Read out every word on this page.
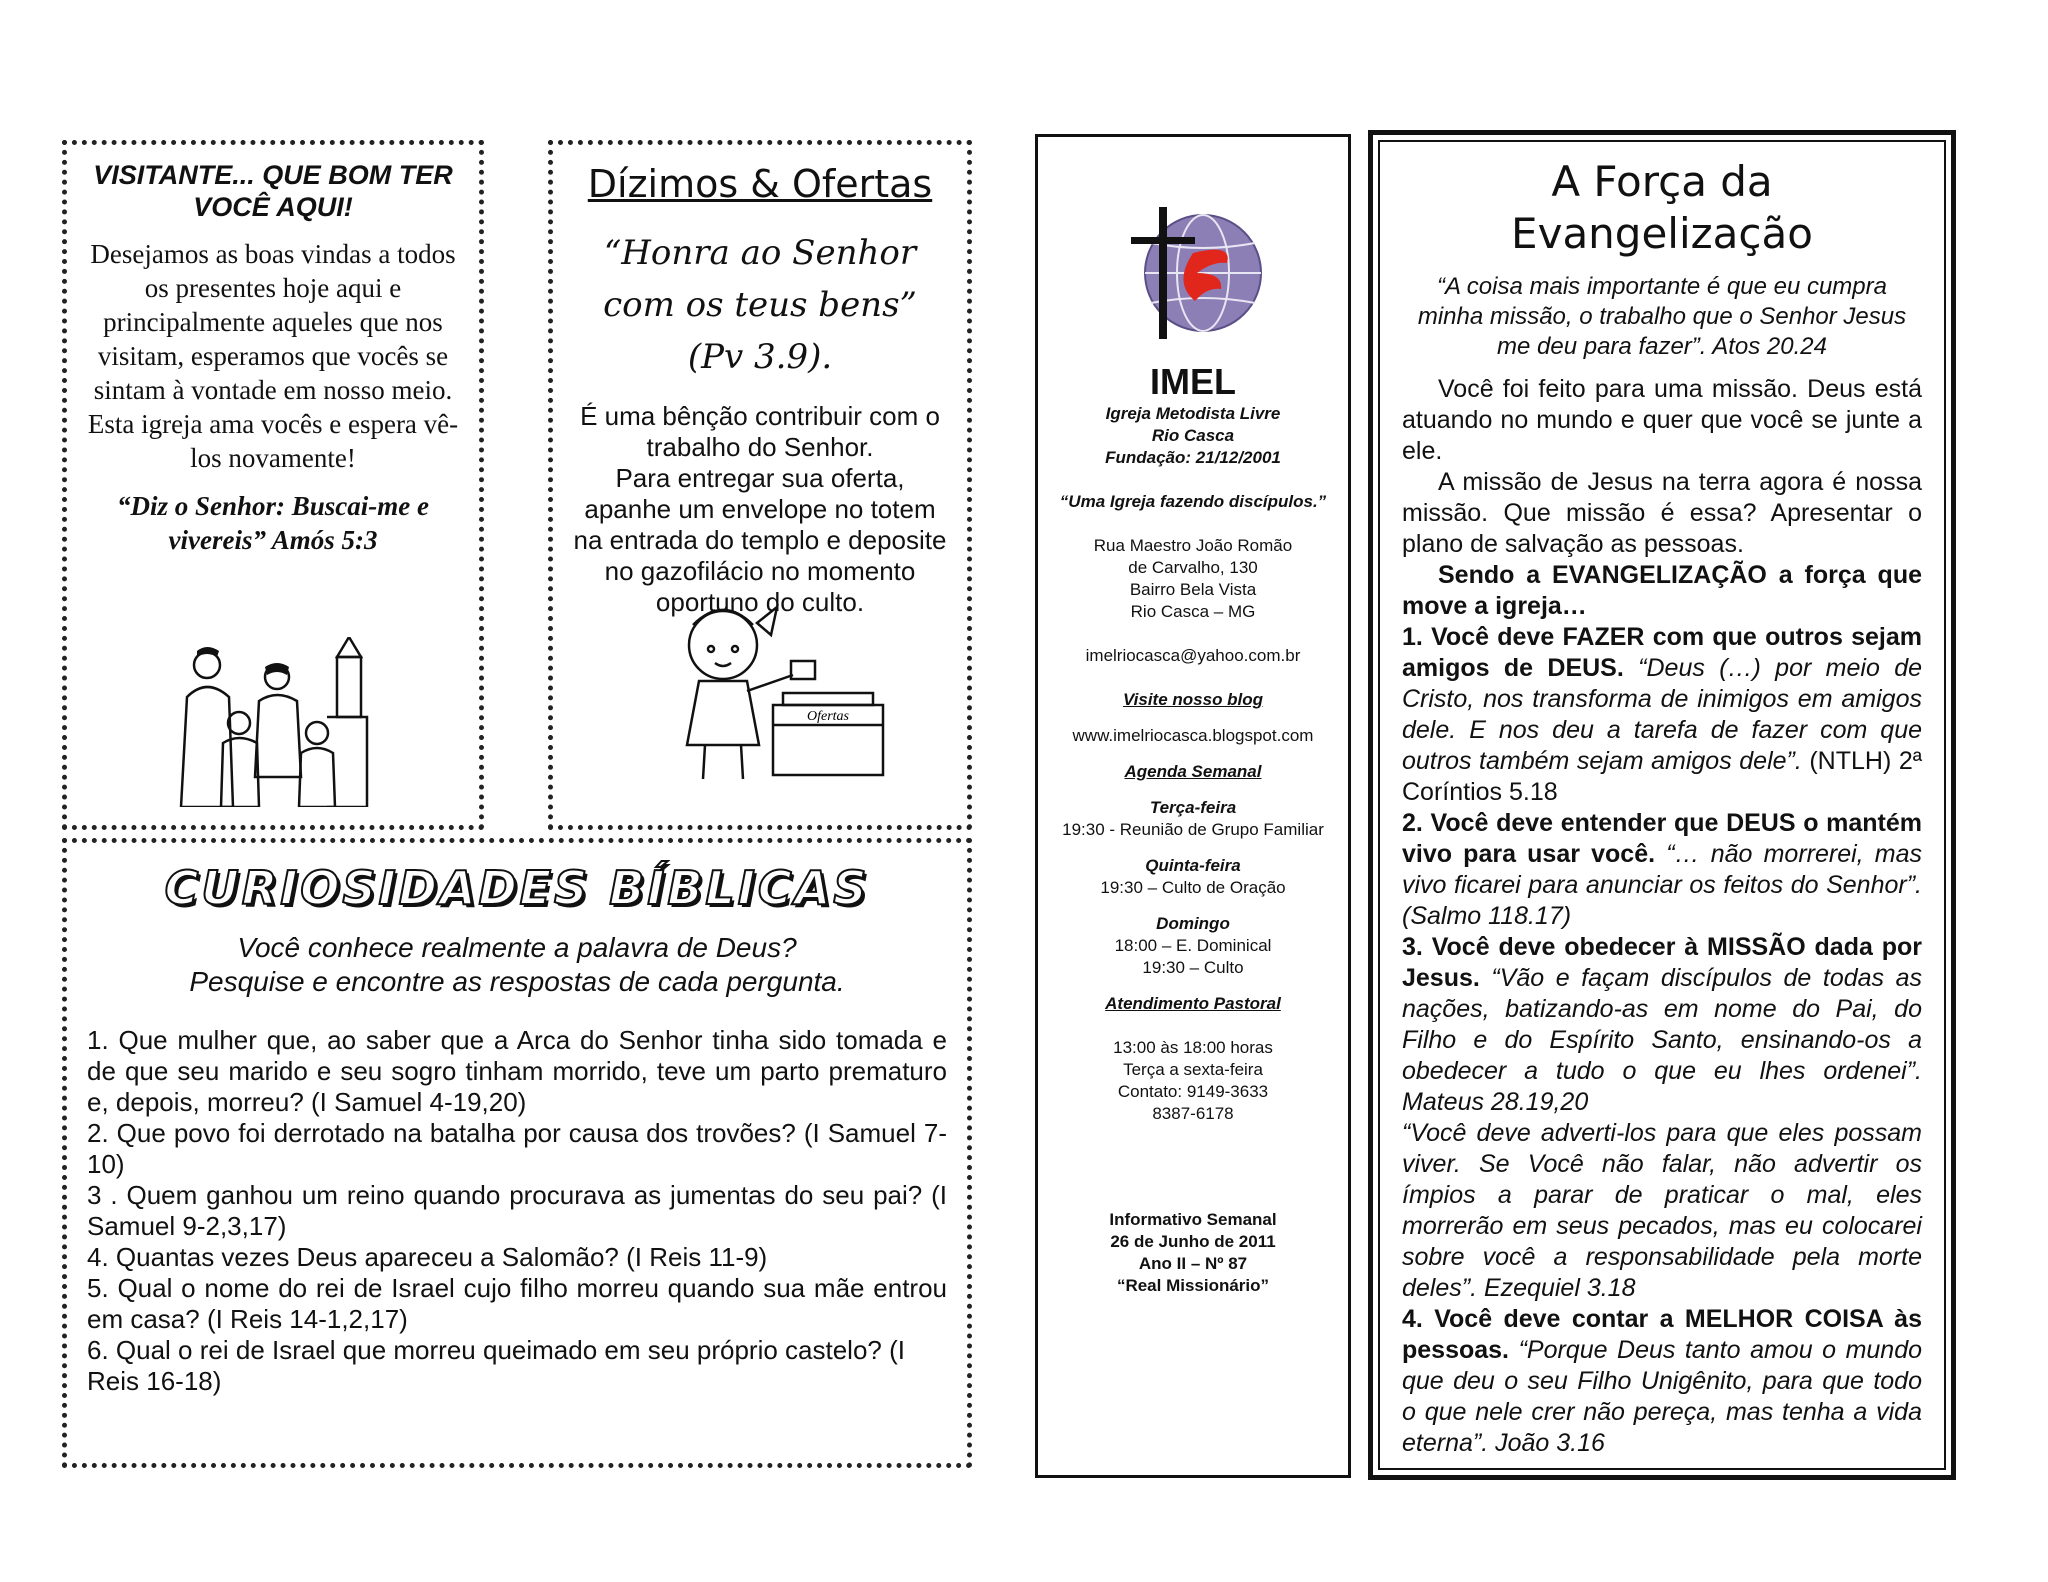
VISITANTE... QUE BOM TER VOCÊ AQUI!

Desejamos as boas vindas a todos os presentes hoje aqui e principalmente aqueles que nos visitam, esperamos que vocês se sintam à vontade em nosso meio.

Esta igreja ama vocês e espera vê-los novamente!

“Diz o Senhor: Buscai-me e vivereis” Amós 5:3

Dízimos & Ofertas

“Honra ao Senhor com os teus bens” (Pv 3.9).

É uma bênção contribuir com o trabalho do Senhor.

Para entregar sua oferta, apanhe um envelope no totem na entrada do templo e deposite no gazofilácio no momento oportuno do culto.

Ofertas

CURIOSIDADES BÍBLICAS

Você conhece realmente a palavra de Deus?

Pesquise e encontre as respostas de cada pergunta.

1. Que mulher que, ao saber que a Arca do Senhor tinha sido tomada e de que seu marido e seu sogro tinham morrido, teve um parto prematuro e, depois, morreu? (I Samuel 4-19,20)

2. Que povo foi derrotado na batalha por causa dos trovões? (I Samuel 7-10)

3 . Quem ganhou um reino quando procurava as jumentas do seu pai? (I Samuel 9-2,3,17)

4. Quantas vezes Deus apareceu a Salomão? (I Reis 11-9)

5. Qual o nome do rei de Israel cujo filho morreu quando sua mãe entrou em casa? (I Reis 14-1,2,17)

6. Qual o rei de Israel que morreu queimado em seu próprio castelo? (I Reis 16-18)

IMEL

Igreja Metodista Livre

Rio Casca

Fundação: 21/12/2001

“Uma Igreja fazendo discípulos.”

Rua Maestro João Romão

de Carvalho, 130

Bairro Bela Vista

Rio Casca – MG

imelriocasca@yahoo.com.br

Visite nosso blog

www.imelriocasca.blogspot.com

Agenda Semanal

Terça-feira

19:30 - Reunião de Grupo Familiar

Quinta-feira

19:30 – Culto de Oração

Domingo

18:00 – E. Dominical

19:30 – Culto

Atendimento Pastoral

13:00 às 18:00 horas

Terça a sexta-feira

Contato: 9149-3633

8387-6178

Informativo Semanal

26 de Junho de 2011

Ano II – Nº 87

“Real Missionário”

A Força da Evangelização

“A coisa mais importante é que eu cumpra minha missão, o trabalho que o Senhor Jesus me deu para fazer”. Atos 20.24

Você foi feito para uma missão. Deus está atuando no mundo e quer que você se junte a ele.

A missão de Jesus na terra agora é nossa missão. Que missão é essa? Apresentar o plano de salvação as pessoas.

Sendo a EVANGELIZAÇÃO a força que move a igreja…

1. Você deve FAZER com que outros sejam amigos de DEUS. “Deus (…) por meio de Cristo, nos transforma de inimigos em amigos dele. E nos deu a tarefa de fazer com que outros também sejam amigos dele”. (NTLH) 2ª Coríntios 5.18

2. Você deve entender que DEUS o mantém vivo para usar você. “… não morrerei, mas vivo ficarei para anunciar os feitos do Senhor”. (Salmo 118.17)

3. Você deve obedecer à MISSÃO dada por Jesus. “Vão e façam discípulos de todas as nações, batizando-as em nome do Pai, do Filho e do Espírito Santo, ensinando-os a obedecer a tudo o que eu lhes ordenei”. Mateus 28.19,20

“Você deve adverti-los para que eles possam viver. Se Você não falar, não advertir os ímpios a parar de praticar o mal, eles morrerão em seus pecados, mas eu colocarei sobre você a responsabilidade pela morte deles”. Ezequiel 3.18

4. Você deve contar a MELHOR COISA às pessoas. “Porque Deus tanto amou o mundo que deu o seu Filho Unigênito, para que todo o que nele crer não pereça, mas tenha a vida eterna”. João 3.16
